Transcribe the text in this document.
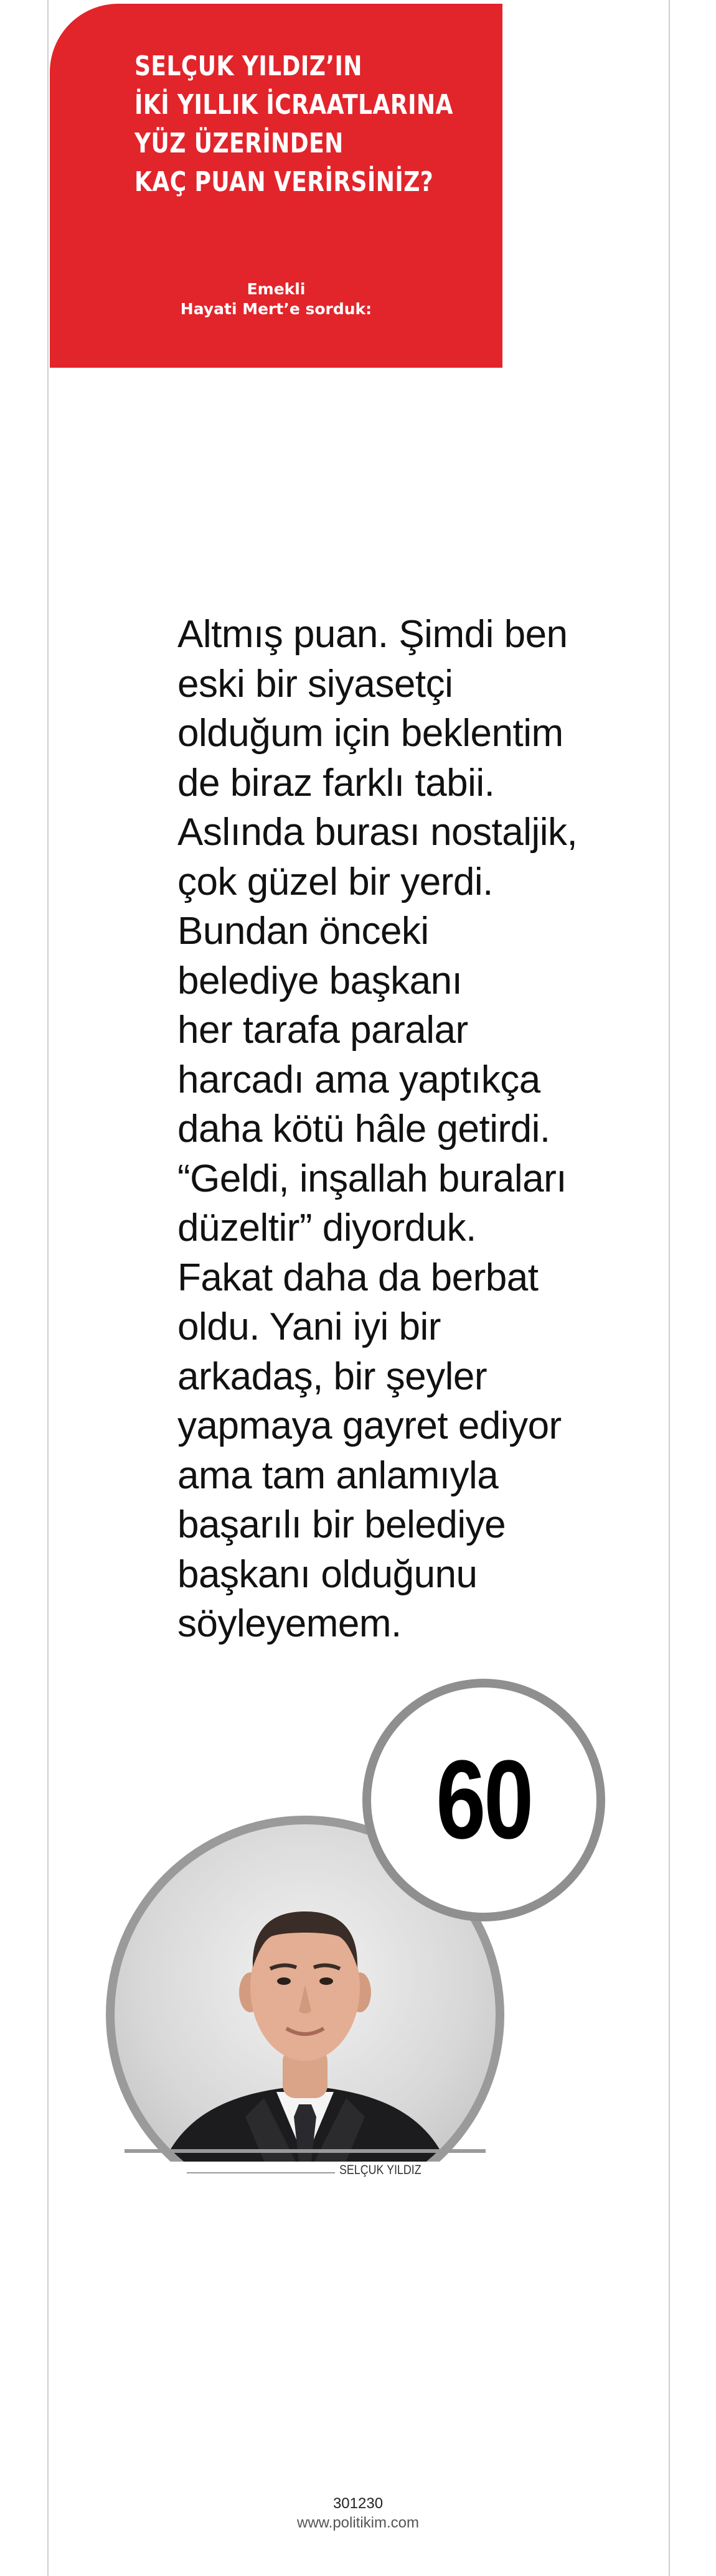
SELÇUK YILDIZ’IN
İKİ YILLIK İCRAATLARINA
YÜZ ÜZERİNDEN
KAÇ PUAN VERİRSİNİZ?
Emekli
Hayati Mert’e sorduk:
Altmış puan. Şimdi ben
eski bir siyasetçi
olduğum için beklentim
de biraz farklı tabii.
Aslında burası nostaljik,
çok güzel bir yerdi.
Bundan önceki
belediye başkanı
her tarafa paralar
harcadı ama yaptıkça
daha kötü hâle getirdi.
“Geldi, inşallah buraları
düzeltir” diyorduk.
Fakat daha da berbat
oldu. Yani iyi bir
arkadaş, bir şeyler
yapmaya gayret ediyor
ama tam anlamıyla
başarılı bir belediye
başkanı olduğunu
söyleyemem.
60
SELÇUK YILDIZ
301230
www.politikim.com
